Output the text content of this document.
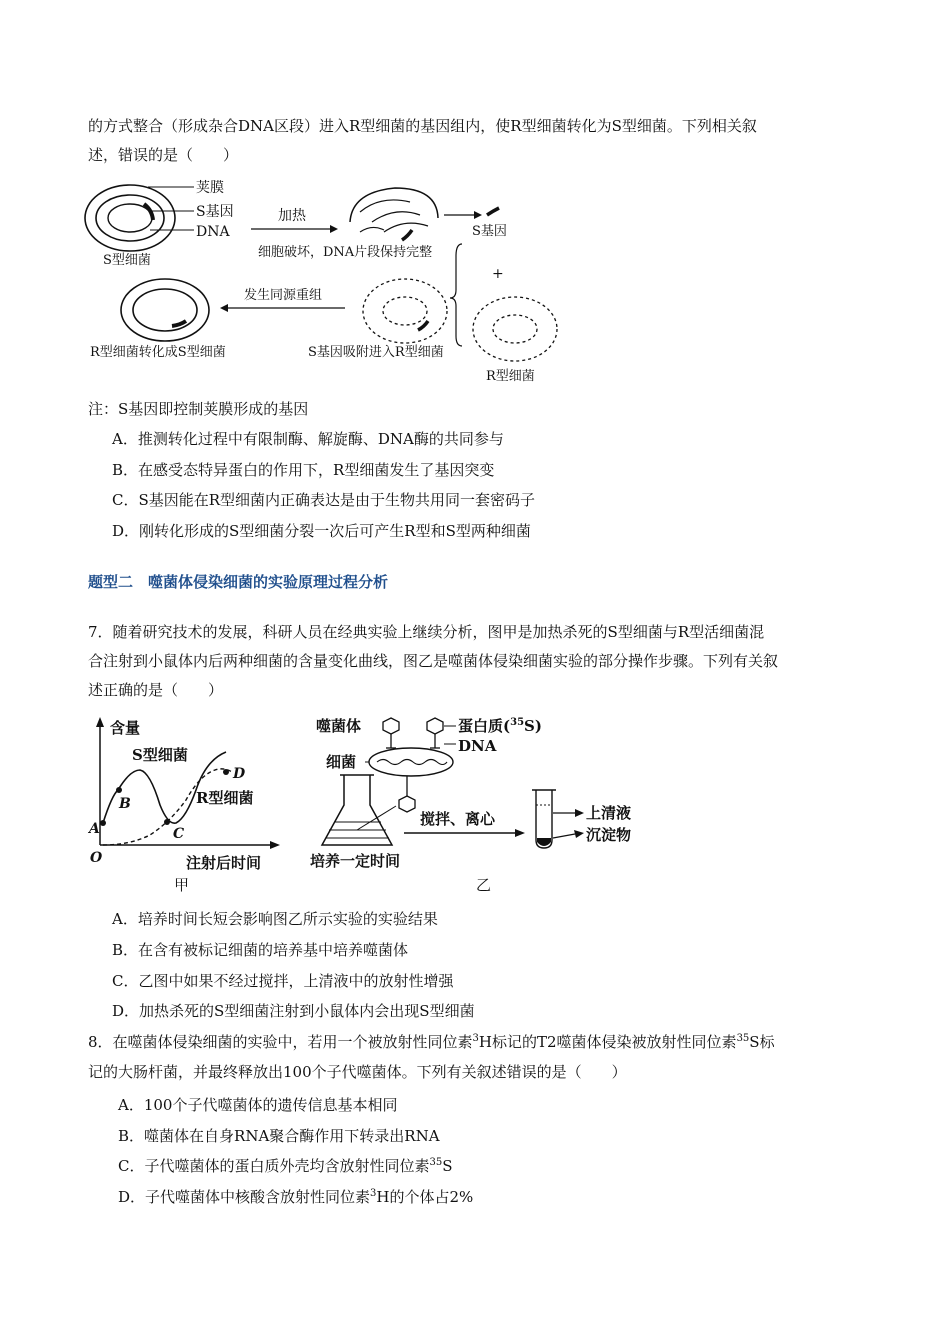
的方式整合（形成杂合DNA区段）进入R型细菌的基因组内，使R型细菌转化为S型细菌。下列相关叙
述，错误的是（　　）
荚膜
S基因
DNA
S型细菌
加热
细胞破坏，DNA片段保持完整
S基因
+
R型细菌
S基因吸附进入R型细菌
发生同源重组
R型细菌转化成S型细菌
注：S基因即控制荚膜形成的基因
A．推测转化过程中有限制酶、解旋酶、DNA酶的共同参与
B．在感受态特异蛋白的作用下，R型细菌发生了基因突变
C．S基因能在R型细菌内正确表达是由于生物共用同一套密码子
D．刚转化形成的S型细菌分裂一次后可产生R型和S型两种细菌
题型二　噬菌体侵染细菌的实验原理过程分析
7．随着研究技术的发展，科研人员在经典实验上继续分析，图甲是加热杀死的S型细菌与R型活细菌混
合注射到小鼠体内后两种细菌的含量变化曲线，图乙是噬菌体侵染细菌实验的部分操作步骤。下列有关叙
述正确的是（　　）
含量
注射后时间
O
A
B
C
D
S型细菌
R型细菌
甲
噬菌体
细菌
蛋白质($^{35}$S)
DNA
培养一定时间
搅拌、离心	上清液
沉淀物
乙
A．培养时间长短会影响图乙所示实验的实验结果
B．在含有被标记细菌的培养基中培养噬菌体
C．乙图中如果不经过搅拌，上清液中的放射性增强
D．加热杀死的S型细菌注射到小鼠体内会出现S型细菌
8．在噬菌体侵染细菌的实验中，若用一个被放射性同位素$^3$H标记的T2噬菌体侵染被放射性同位素$^{35}$S标
记的大肠杆菌，并最终释放出100个子代噬菌体。下列有关叙述错误的是（　　）
A．100个子代噬菌体的遗传信息基本相同
B．噬菌体在自身RNA聚合酶作用下转录出RNA
C．子代噬菌体的蛋白质外壳均含放射性同位素$^{35}$S
D．子代噬菌体中核酸含放射性同位素$^3$H的个体占2%
